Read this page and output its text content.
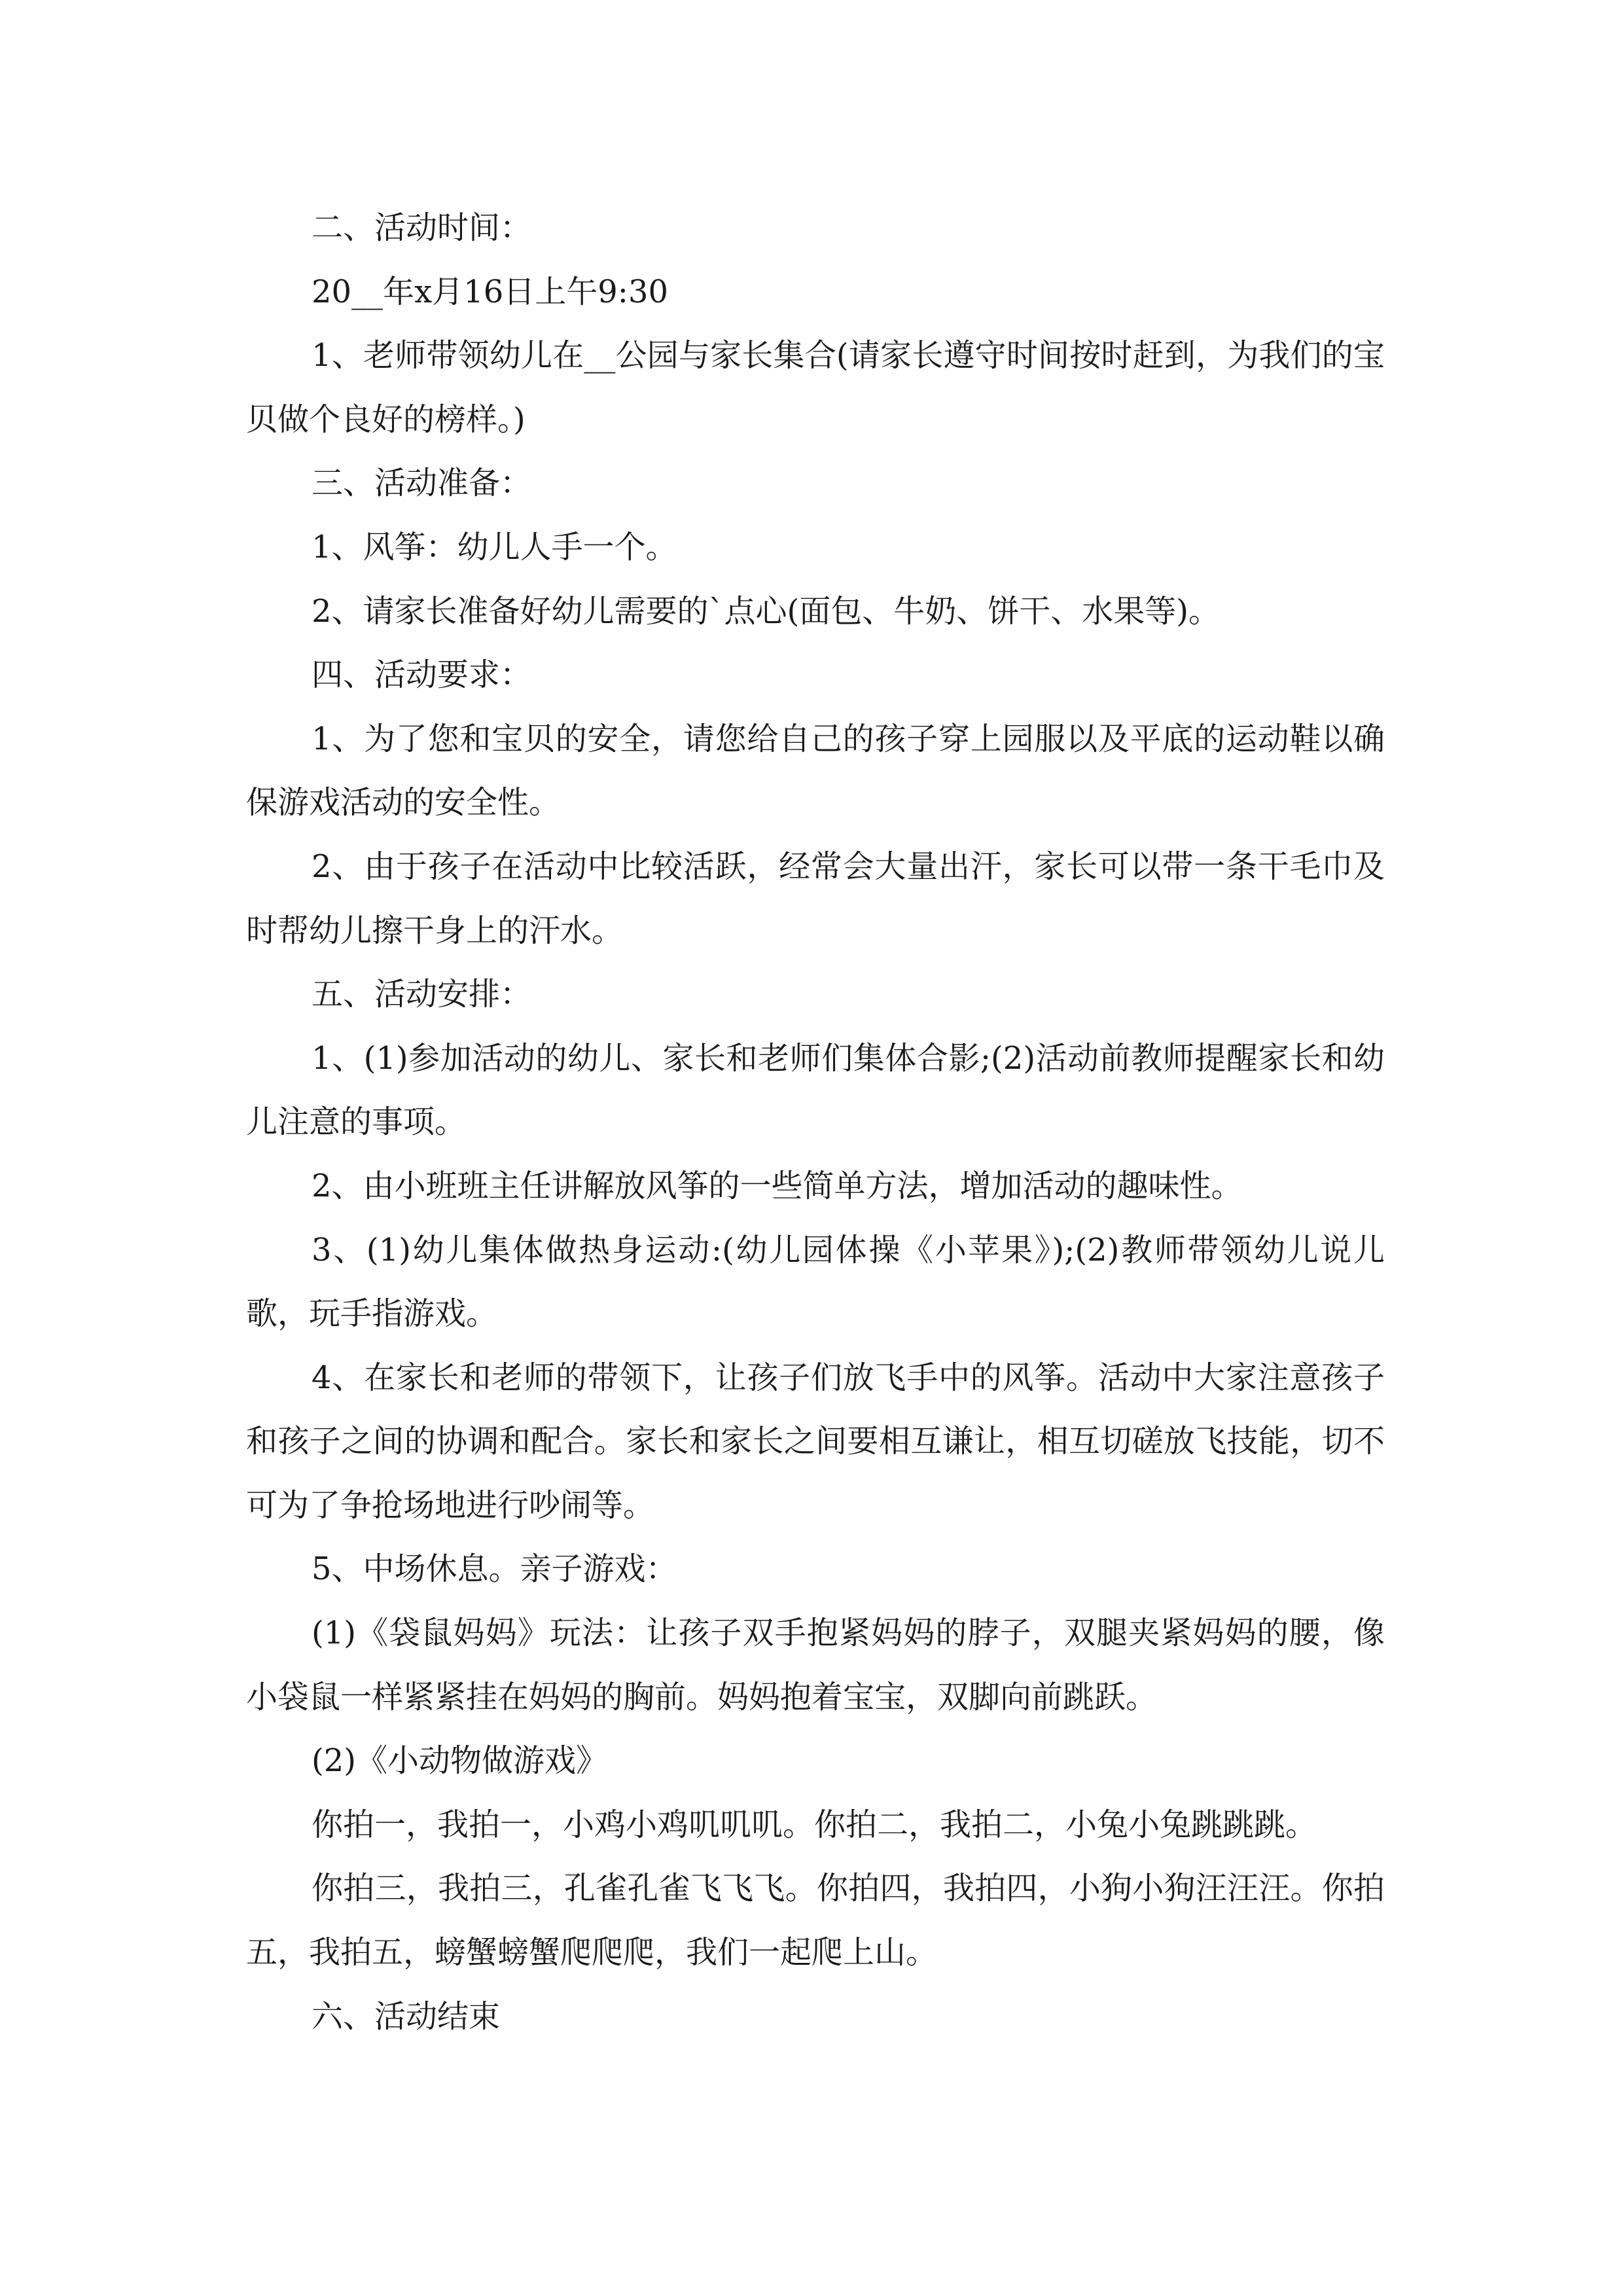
二、活动时间：

20__年x月16日上午9:30

1、老师带领幼儿在__公园与家长集合(请家长遵守时间按时赶到，为我们的宝贝做个良好的榜样。)

三、活动准备：

1、风筝：幼儿人手一个。

2、请家长准备好幼儿需要的`点心(面包、牛奶、饼干、水果等)。

四、活动要求：

1、为了您和宝贝的安全，请您给自己的孩子穿上园服以及平底的运动鞋以确保游戏活动的安全性。

2、由于孩子在活动中比较活跃，经常会大量出汗，家长可以带一条干毛巾及时帮幼儿擦干身上的汗水。

五、活动安排：

1、(1)参加活动的幼儿、家长和老师们集体合影;(2)活动前教师提醒家长和幼儿注意的事项。

2、由小班班主任讲解放风筝的一些简单方法，增加活动的趣味性。

3、(1)幼儿集体做热身运动:(幼儿园体操《小苹果》);(2)教师带领幼儿说儿歌，玩手指游戏。

4、在家长和老师的带领下，让孩子们放飞手中的风筝。活动中大家注意孩子和孩子之间的协调和配合。家长和家长之间要相互谦让，相互切磋放飞技能，切不可为了争抢场地进行吵闹等。

5、中场休息。亲子游戏：

(1)《袋鼠妈妈》玩法：让孩子双手抱紧妈妈的脖子，双腿夹紧妈妈的腰，像小袋鼠一样紧紧挂在妈妈的胸前。妈妈抱着宝宝，双脚向前跳跃。

(2)《小动物做游戏》

你拍一，我拍一，小鸡小鸡叽叽叽。你拍二，我拍二，小兔小兔跳跳跳。

你拍三，我拍三，孔雀孔雀飞飞飞。你拍四，我拍四，小狗小狗汪汪汪。你拍五，我拍五，螃蟹螃蟹爬爬爬，我们一起爬上山。

六、活动结束
